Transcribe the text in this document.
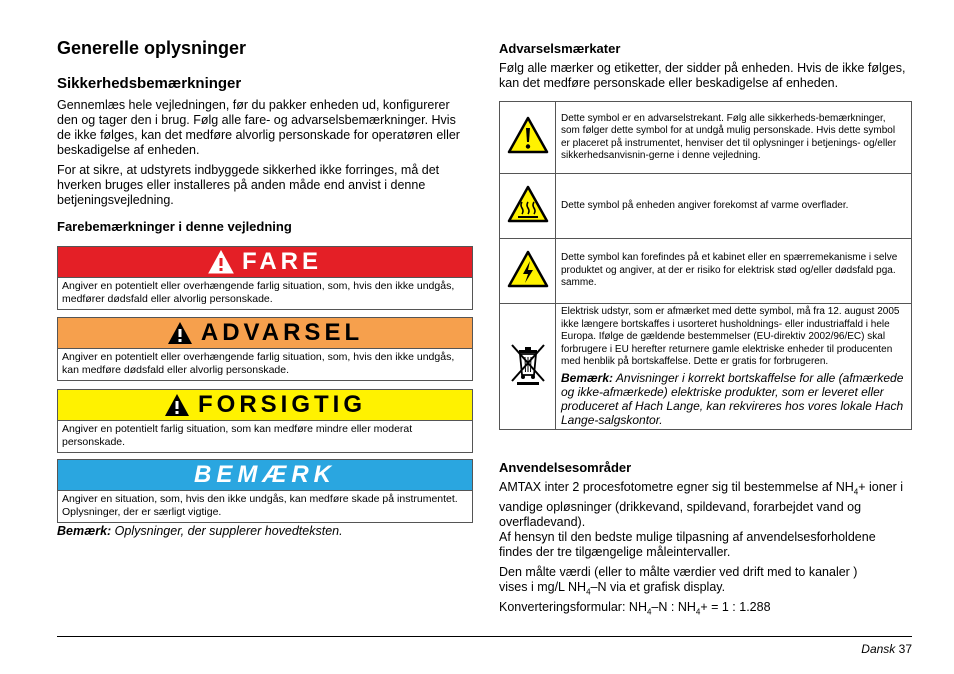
Generelle oplysninger
Sikkerhedsbemærkninger

Gennemlæs hele vejledningen, før du pakker enheden ud, konfigurerer den og tager den i brug. Følg alle fare- og advarselsbemærkninger. Hvis de ikke følges, kan det medføre alvorlig personskade for operatøren eller beskadigelse af enheden.

For at sikre, at udstyrets indbyggede sikkerhed ikke forringes, må det hverken bruges eller installeres på anden måde end anvist i denne betjeningsvejledning.

Farebemærkninger i denne vejledning
FARE
Angiver en potentielt eller overhængende farlig situation, som, hvis den ikke undgås, medfører dødsfald eller alvorlig personskade.
ADVARSEL
Angiver en potentielt eller overhængende farlig situation, som, hvis den ikke undgås, kan medføre dødsfald eller alvorlig personskade.
FORSIGTIG
Angiver en potentielt farlig situation, som kan medføre mindre eller moderat personskade.
BEMÆRK
Angiver en situation, som, hvis den ikke undgås, kan medføre skade på instrumentet. Oplysninger, der er særligt vigtige.

Bemærk: Oplysninger, der supplerer hovedteksten.

Advarselsmærkater

Følg alle mærker og etiketter, der sidder på enheden. Hvis de ikke følges, kan det medføre personskade eller beskadigelse af enheden.

	Dette symbol er en advarselstrekant. Følg alle sikkerheds-bemærkninger, som følger dette symbol for at undgå mulig personskade. Hvis dette symbol er placeret på instrumentet, henviser det til oplysninger i betjenings- og/eller sikkerhedsanvisnin-gerne i denne vejledning.
	Dette symbol på enheden angiver forekomst af varme overflader.
	Dette symbol kan forefindes på et kabinet eller en spærremekanisme i selve produktet og angiver, at der er risiko for elektrisk stød og/eller dødsfald pga. samme.
	Elektrisk udstyr, som er afmærket med dette symbol, må fra 12. august 2005 ikke længere bortskaffes i usorteret husholdnings- eller industriaffald i hele Europa. Ifølge de gældende bestemmelser (EU-direktiv 2002/96/EC) skal forbrugere i EU herefter returnere gamle elektriske enheder til producenten med henblik på bortskaffelse. Dette er gratis for forbrugeren.
Bemærk: Anvisninger i korrekt bortskaffelse for alle (afmærkede og ikke-afmærkede) elektriske produkter, som er leveret eller produceret af Hach Lange, kan rekvireres hos vores lokale Hach Lange-salgskontor.
Anvendelsesområder

AMTAX inter 2 procesfotometre egner sig til bestemmelse af $NH_4+$ ioner i vandige opløsninger (drikkevand, spildevand, forarbejdet vand og overfladevand).

Af hensyn til den bedste mulige tilpasning af anvendelsesforholdene findes der tre tilgængelige måleintervaller.

Den målte værdi (eller to målte værdier ved drift med to kanaler ) vises i mg/L $NH_4-N$ via et grafisk display.

Konverteringsformular: $NH_4-N$ : $NH_4+ = 1$ : 1.288

Dansk 37
